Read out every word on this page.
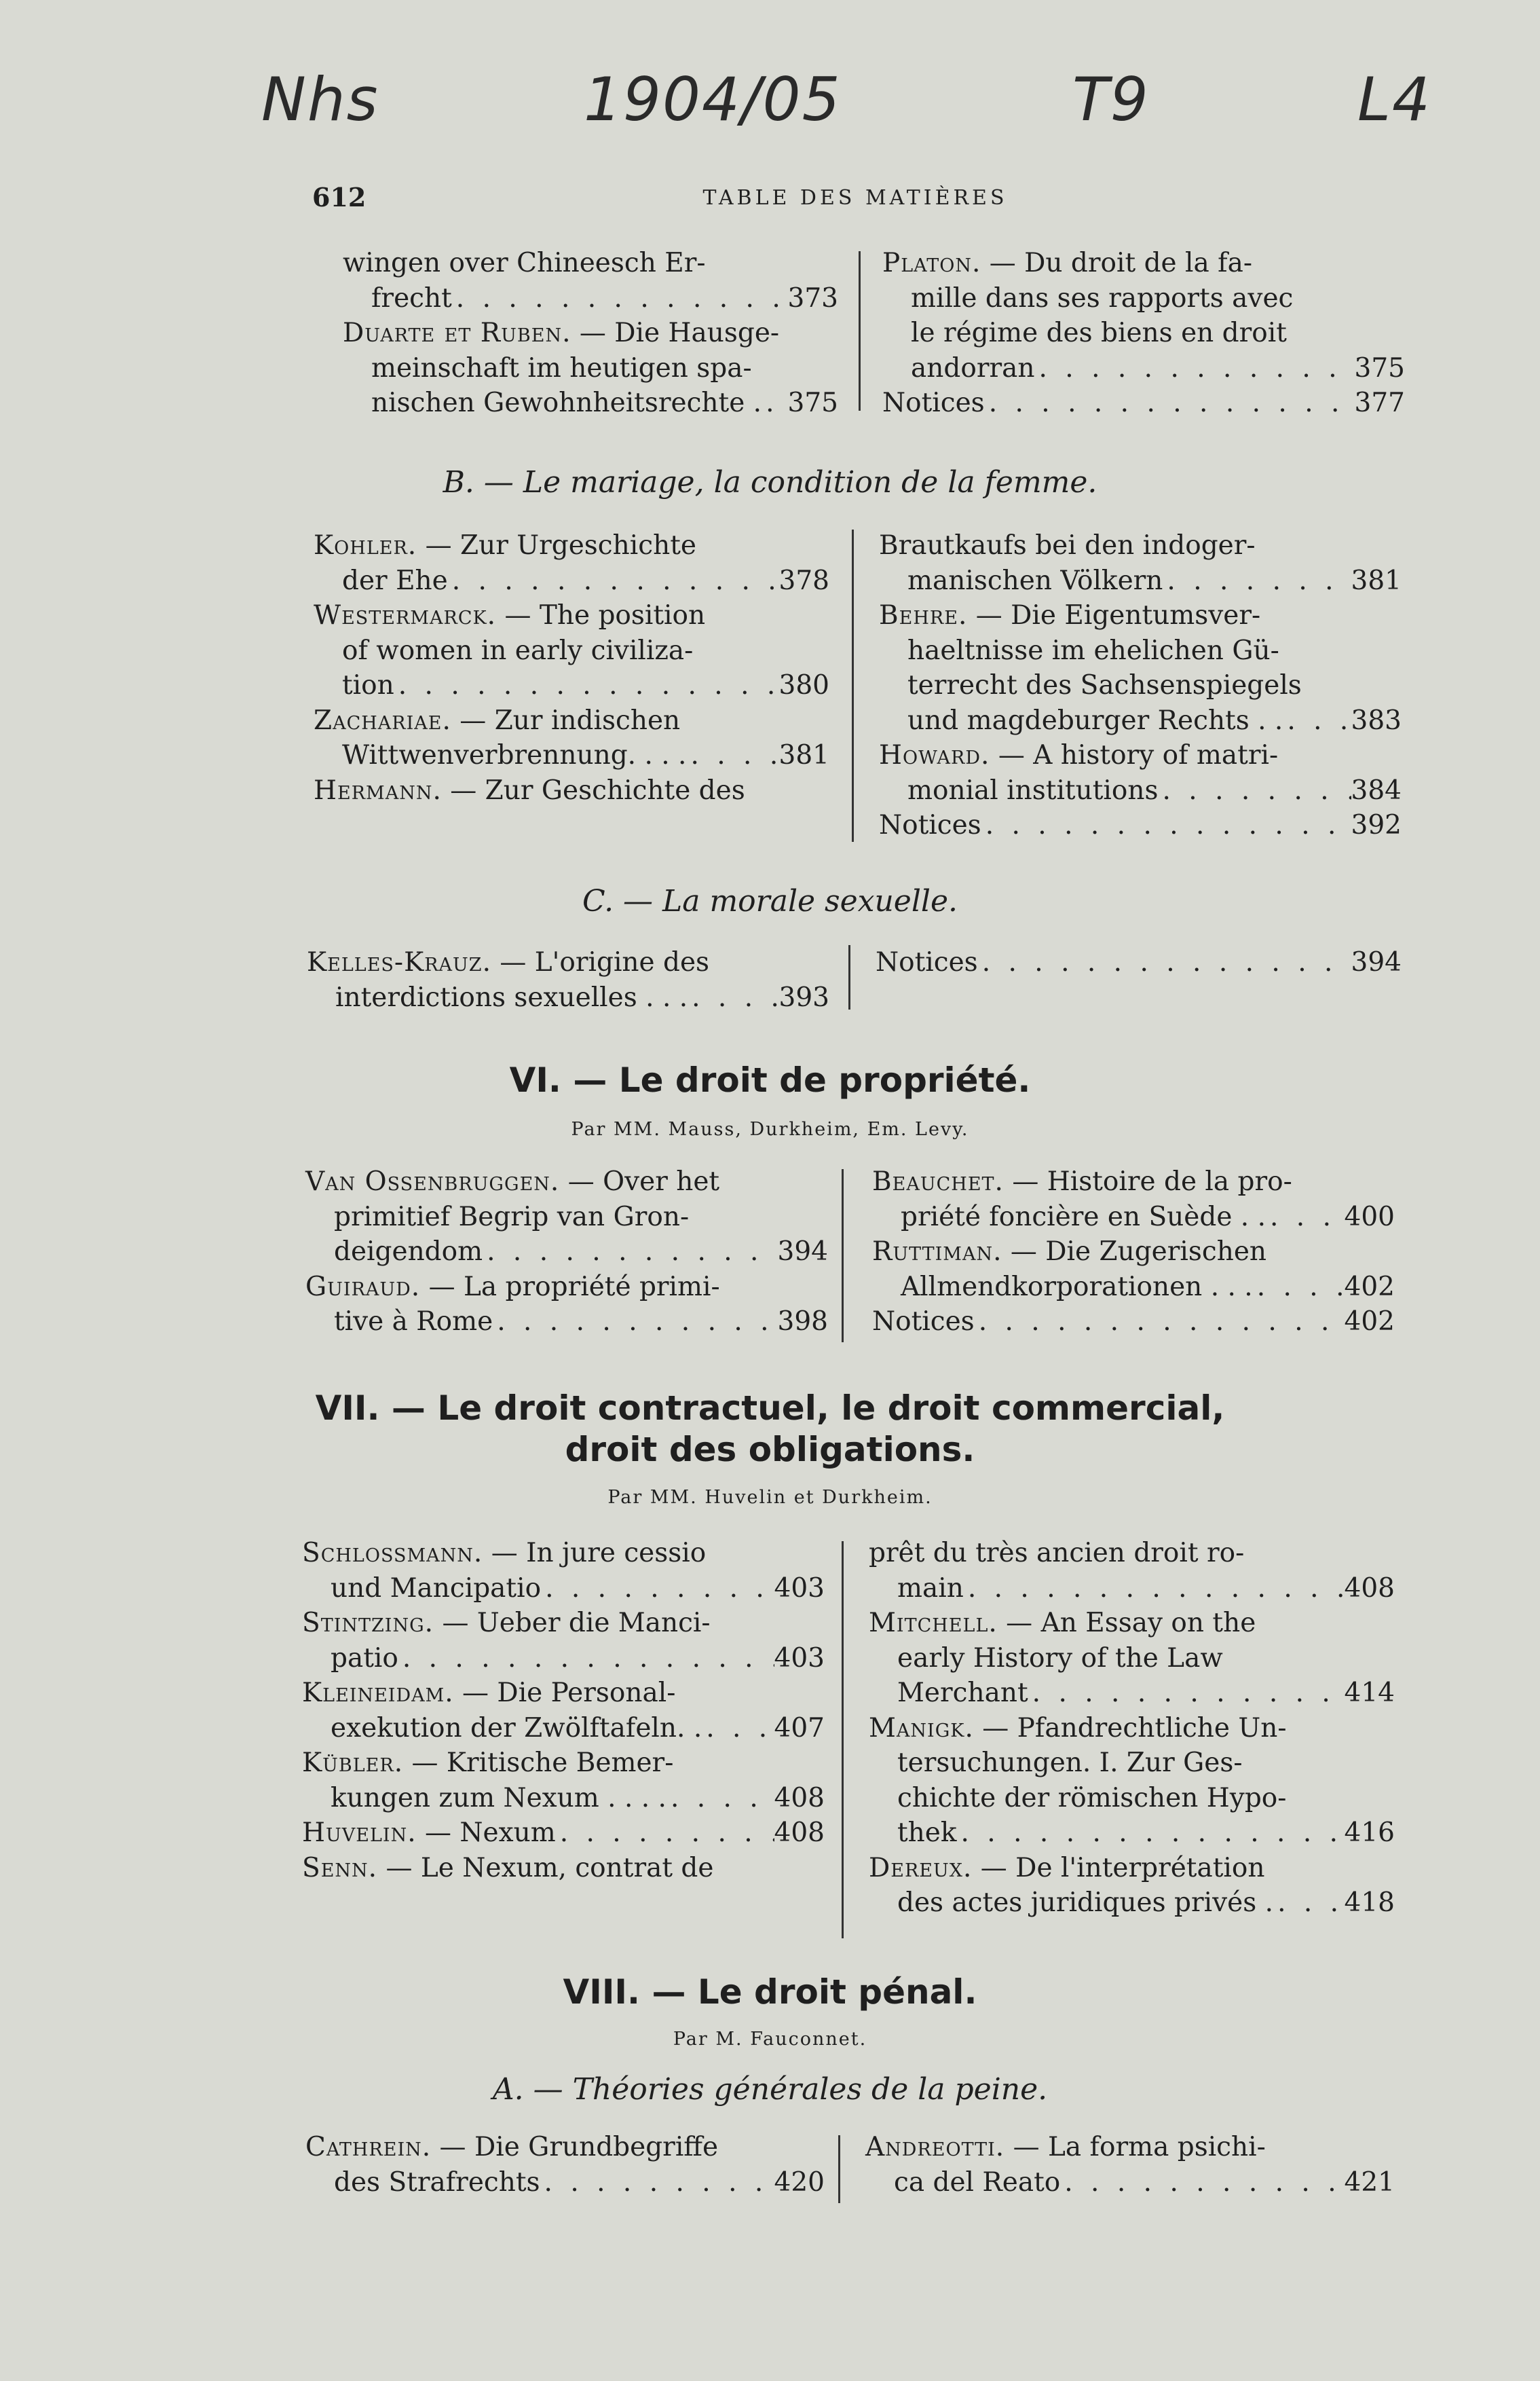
Nhs	1904/05	T9	L4
612	TABLE DES MATIÈRES
wingen over Chineesch Er-
frecht . . .	373
Duarte et Ruben. — Die Hausge-
meinschaft im heutigen spa-
nischen Gewohnheitsrechte . . . . 375
Platon. — Du droit de la fa-
mille dans ses rapports avec
le régime des biens en droit
andorran . . .	375
Notices . . .	377
B. — Le mariage, la condition de la femme.
Kohler. — Zur Urgeschichte
der Ehe . . .	378
Westermarck. — The position
of women in early civiliza-
tion . . .	380
Zachariae. — Zur indischen
Wittwenverbrennung. . . . . . .	381
Hermann. — Zur Geschichte des
Brautkaufs bei den indoger-
manischen Völkern . . .	381
Behre. — Die Eigentumsver-
haeltnisse im ehelichen Gü-
terrecht des Sachsenspiegels
und magdeburger Rechts . . . . .	383
Howard. — A history of matri-
monial institutions . . .	384
Notices . . .	392
C. — La morale sexuelle.
Kelles-Krauz. — L'origine des
interdictions sexuelles . . . . . .	393
Notices . . .	394
VI. — Le droit de propriété.
Par MM. Mauss, Durkheim, Em. Levy.
Van Ossenbruggen. — Over het
primitief Begrip van Gron-
deigendom . . .	394
Guiraud. — La propriété primi-
tive à Rome . . .	398
Beauchet. — Histoire de la pro-
priété foncière en Suède . . . . .	400
Ruttiman. — Die Zugerischen
Allmendkorporationen . . . . . .	402
Notices . . .	402
VII. — Le droit contractuel, le droit commercial,
droit des obligations.
Par MM. Huvelin et Durkheim.
Schlossmann. — In jure cessio
und Mancipatio . . .	403
Stintzing. — Ueber die Manci-
patio . . .	403
Kleineidam. — Die Personal-
exekution der Zwölftafeln. . . . .	407
Kübler. — Kritische Bemer-
kungen zum Nexum . . . . . . .	408
Huvelin. — Nexum . . .	408
Senn. — Le Nexum, contrat de
prêt du très ancien droit ro-
main . . .	408
Mitchell. — An Essay on the
early History of the Law
Merchant . . .	414
Manigk. — Pfandrechtliche Un-
tersuchungen. I. Zur Ges-
chichte der römischen Hypo-
thek . . .	416
Dereux. — De l'interprétation
des actes juridiques privés . . . .	418
VIII. — Le droit pénal.
Par M. Fauconnet.
A. — Théories générales de la peine.
Cathrein. — Die Grundbegriffe
des Strafrechts . . .	420
Andreotti. — La forma psichi-
ca del Reato . . .	421
